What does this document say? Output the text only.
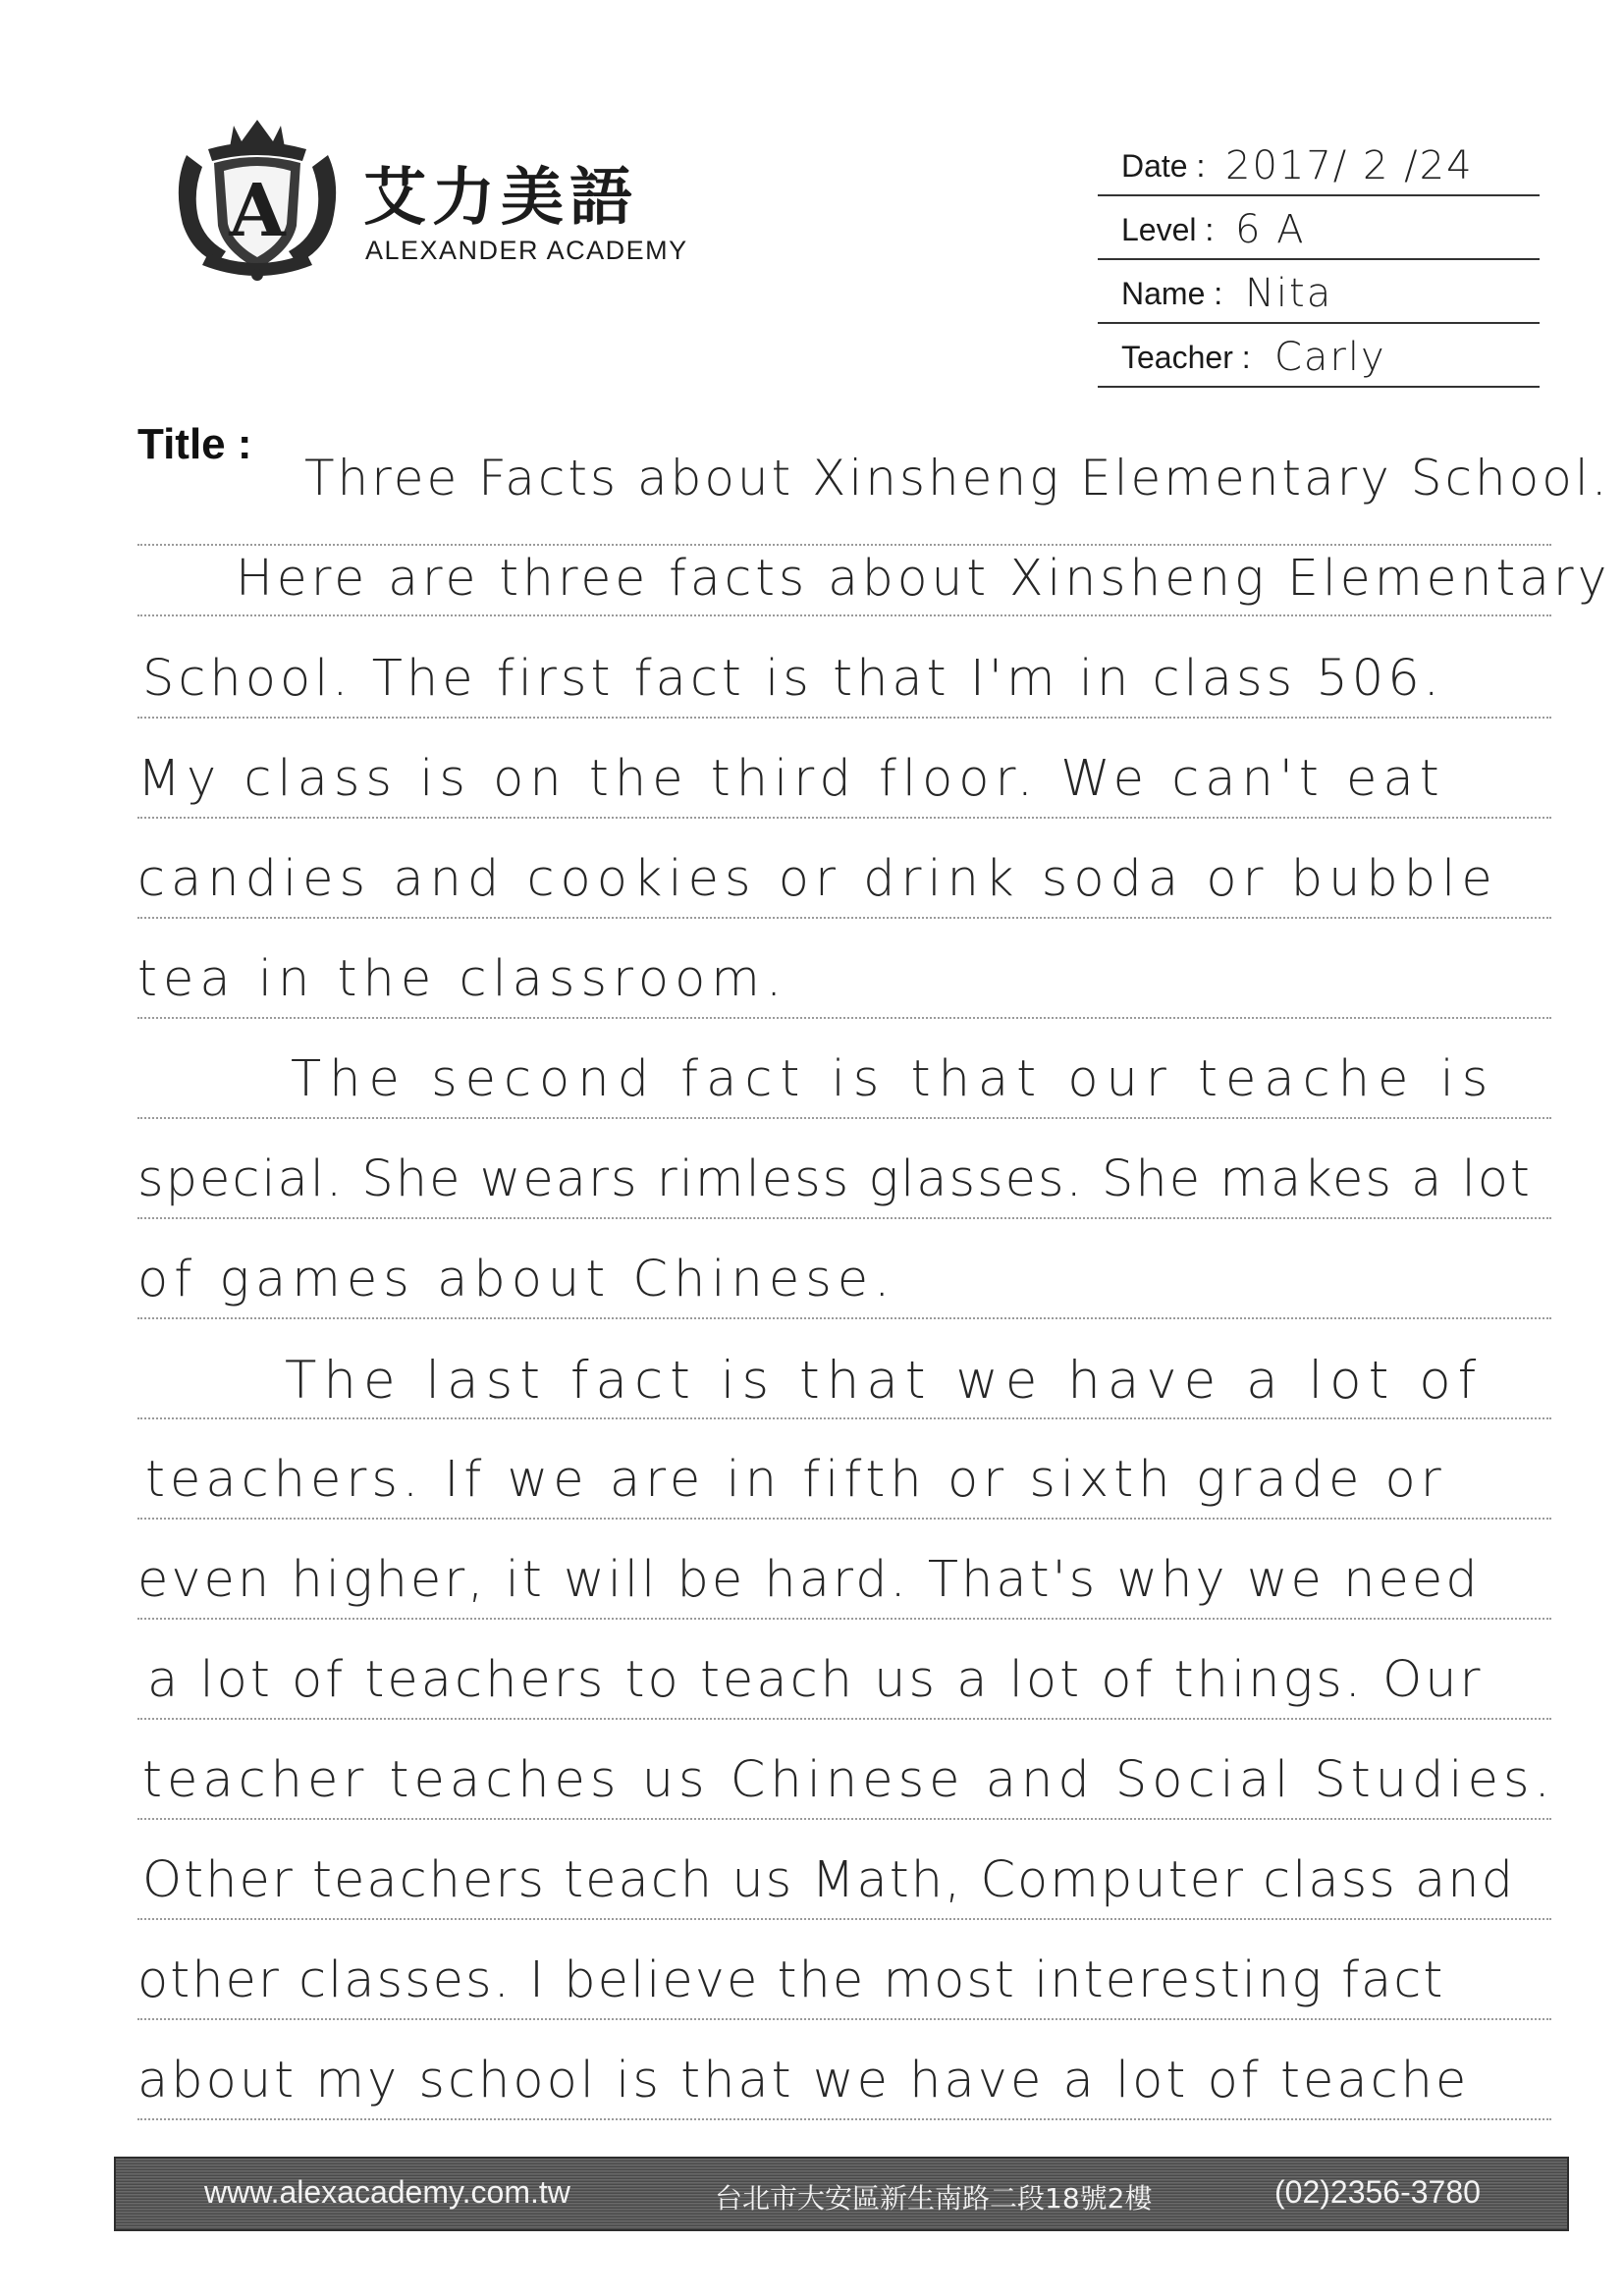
A 艾力美語
ALEXANDER ACADEMY
Date : 2017/ 2 /24
Level : 6 A
Name : Nita
Teacher : Carly
Title :
Three Facts about Xinsheng Elementary School.
Here are three facts about Xinsheng Elementary
School. The first fact is that I'm in class 506.
My class is on the third floor. We can't eat
candies and cookies or drink soda or bubble
tea in the classroom.
The second fact is that our teache is
special. She wears rimless glasses. She makes a lot
of games about Chinese.
The last fact is that we have a lot of
teachers. If we are in fifth or sixth grade or
even higher, it will be hard. That's why we need
a lot of teachers to teach us a lot of things. Our
teacher teaches us Chinese and Social Studies.
Other teachers teach us Math, Computer class and
other classes. I believe the most interesting fact
about my school is that we have a lot of teache
www.alexacademy.com.tw	台北市大安區新生南路二段18號2樓	(02)2356-3780
